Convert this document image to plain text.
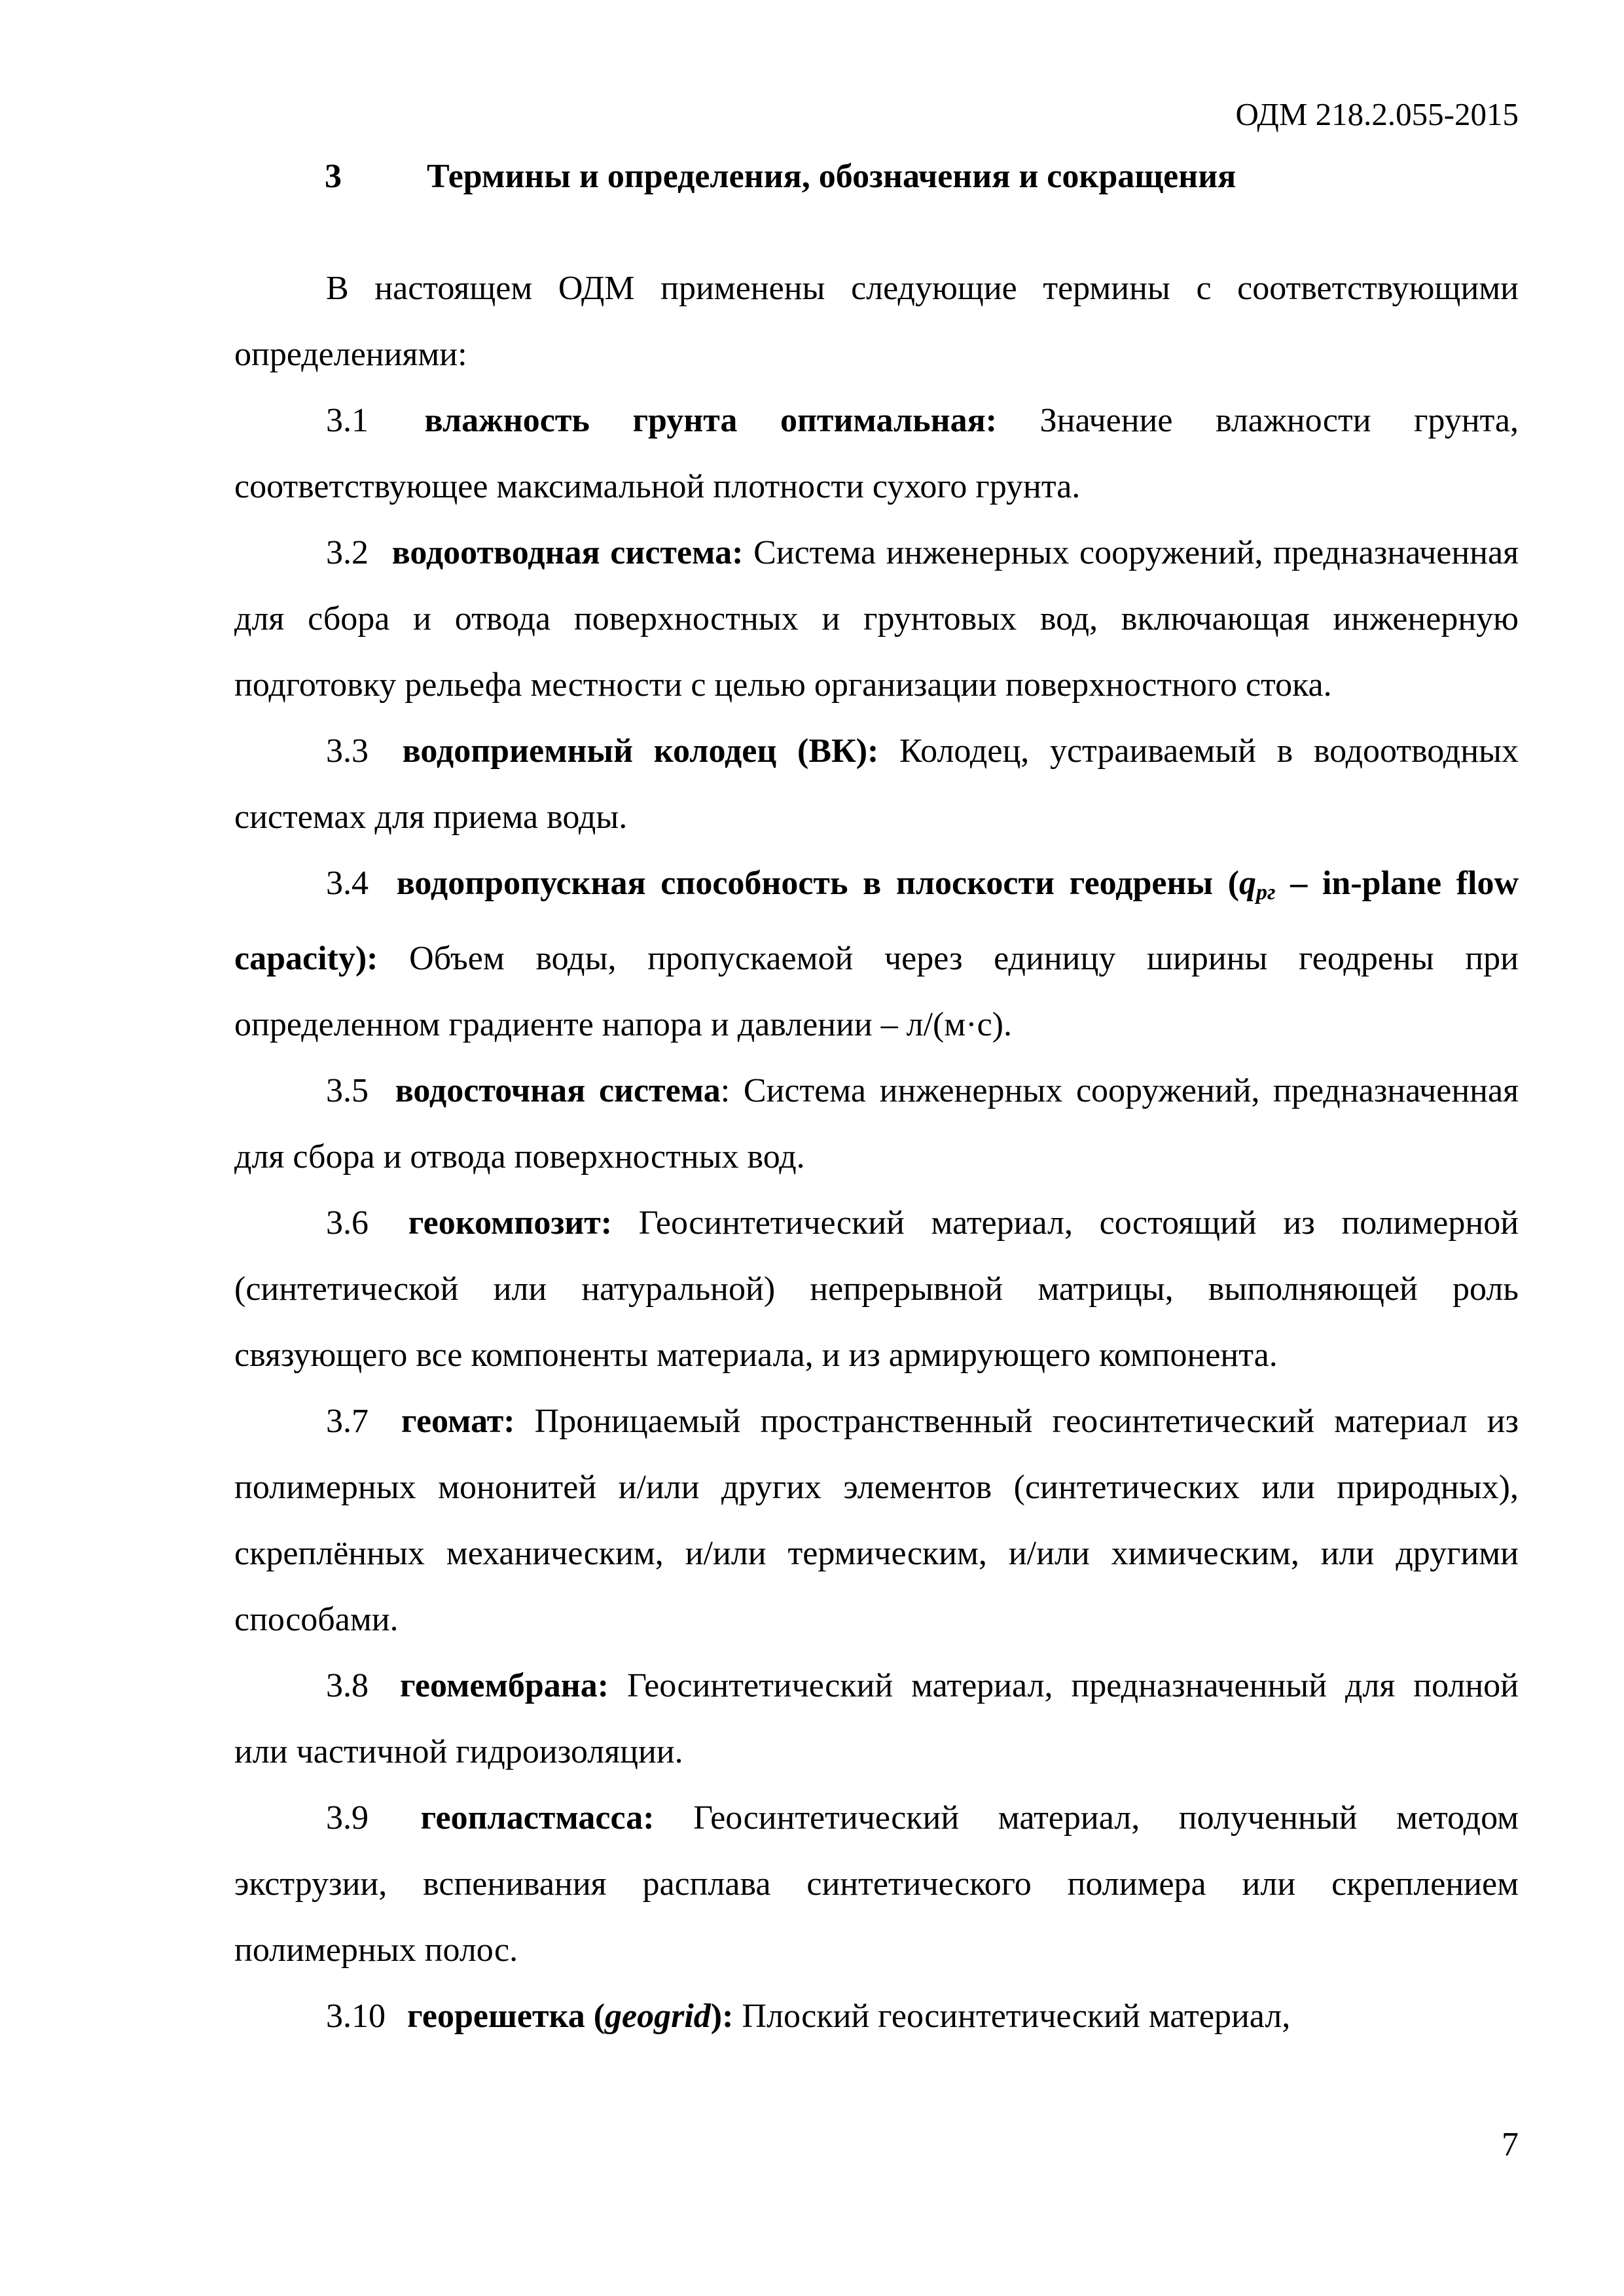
ОДМ 218.2.055-2015
3	Термины и определения, обозначения и сокращения

В настоящем ОДМ применены следующие термины с соответствующими определениями:

3.1 влажность грунта оптимальная: Значение влажности грунта, соответствующее максимальной плотности сухого грунта.
3.2 водоотводная система: Система инженерных сооружений, предназначенная для сбора и отвода поверхностных и грунтовых вод, включающая инженерную подготовку рельефа местности с целью организации поверхностного стока.
3.3 водоприемный колодец (ВК): Колодец, устраиваемый в водоотводных системах для приема воды.
3.4 водопропускная способность в плоскости геодрены ($q_{pг}$ – in-plane flow capacity): Объем воды, пропускаемой через единицу ширины геодрены при определенном градиенте напора и давлении – л/(м·с).
3.5 водосточная система: Система инженерных сооружений, предназначенная для сбора и отвода поверхностных вод.
3.6 геокомпозит: Геосинтетический материал, состоящий из полимерной (синтетической или натуральной) непрерывной матрицы, выполняющей роль связующего все компоненты материала, и из армирующего компонента.
3.7 геомат: Проницаемый пространственный геосинтетический материал из полимерных мононитей и/или других элементов (синтетических или природных), скреплённых механическим, и/или термическим, и/или химическим, или другими способами.
3.8 геомембрана: Геосинтетический материал, предназначенный для полной или частичной гидроизоляции.
3.9 геопластмасса: Геосинтетический материал, полученный методом экструзии, вспенивания расплава синтетического полимера или скреплением полимерных полос.
3.10 георешетка (geogrid): Плоский геосинтетический материал,
7
